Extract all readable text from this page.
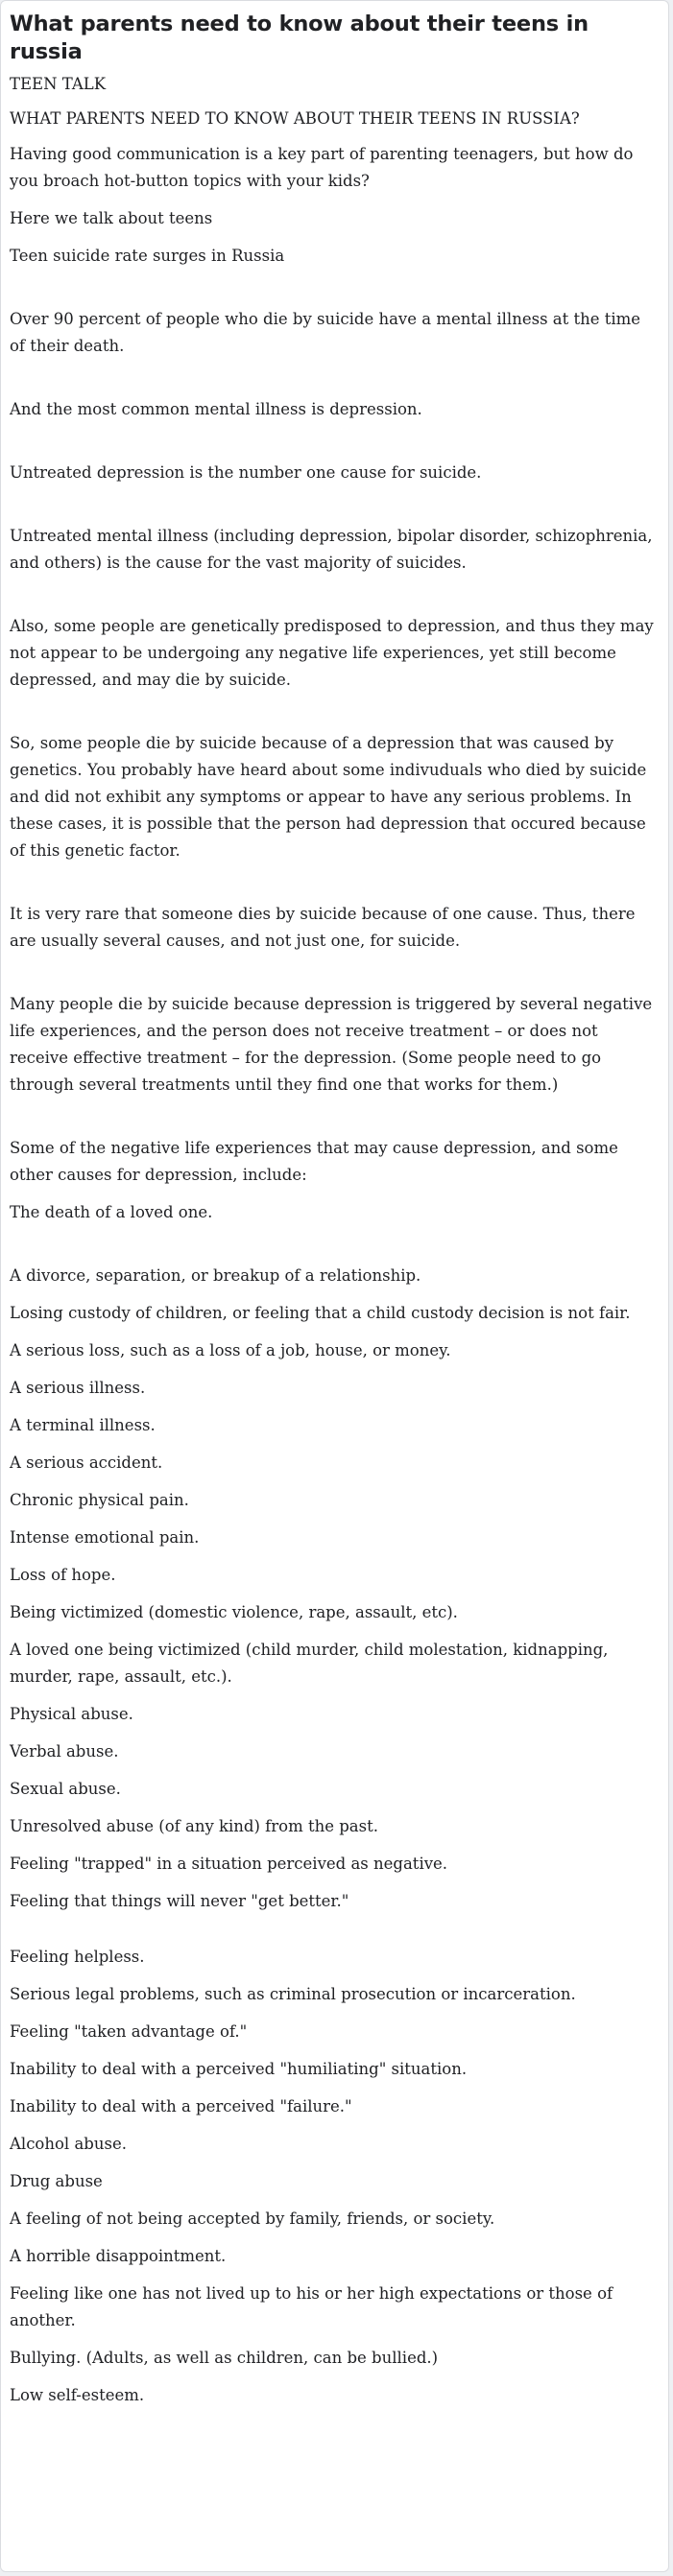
What parents need to know about their teens in russia
TEEN TALK
WHAT PARENTS NEED TO KNOW ABOUT THEIR TEENS IN RUSSIA?

Having good communication is a key part of parenting teenagers, but how do you broach hot-button topics with your kids?

Here we talk about teens

Teen suicide rate surges in Russia

Over 90 percent of people who die by suicide have a mental illness at the time of their death.

And the most common mental illness is depression.

Untreated depression is the number one cause for suicide.

Untreated mental illness (including depression, bipolar disorder, schizophrenia, and others) is the cause for the vast majority of suicides.

Also, some people are genetically predisposed to depression, and thus they may not appear to be undergoing any negative life experiences, yet still become depressed, and may die by suicide.

So, some people die by suicide because of a depression that was caused by genetics. You probably have heard about some indivuduals who died by suicide and did not exhibit any symptoms or appear to have any serious problems. In these cases, it is possible that the person had depression that occured because of this genetic factor.

It is very rare that someone dies by suicide because of one cause. Thus, there are usually several causes, and not just one, for suicide.

Many people die by suicide because depression is triggered by several negative life experiences, and the person does not receive treatment – or does not receive effective treatment – for the depression. (Some people need to go through several treatments until they find one that works for them.)

Some of the negative life experiences that may cause depression, and some other causes for depression, include:

The death of a loved one.

A divorce, separation, or breakup of a relationship.

Losing custody of children, or feeling that a child custody decision is not fair.

A serious loss, such as a loss of a job, house, or money.

A serious illness.

A terminal illness.

A serious accident.

Chronic physical pain.

Intense emotional pain.

Loss of hope.

Being victimized (domestic violence, rape, assault, etc).

A loved one being victimized (child murder, child molestation, kidnapping, murder, rape, assault, etc.).

Physical abuse.

Verbal abuse.

Sexual abuse.

Unresolved abuse (of any kind) from the past.

Feeling "trapped" in a situation perceived as negative.

Feeling that things will never "get better."

Feeling helpless.

Serious legal problems, such as criminal prosecution or incarceration.

Feeling "taken advantage of."

Inability to deal with a perceived "humiliating" situation.

Inability to deal with a perceived "failure."

Alcohol abuse.

Drug abuse

A feeling of not being accepted by family, friends, or society.

A horrible disappointment.

Feeling like one has not lived up to his or her high expectations or those of another.

Bullying. (Adults, as well as children, can be bullied.)

Low self-esteem.
